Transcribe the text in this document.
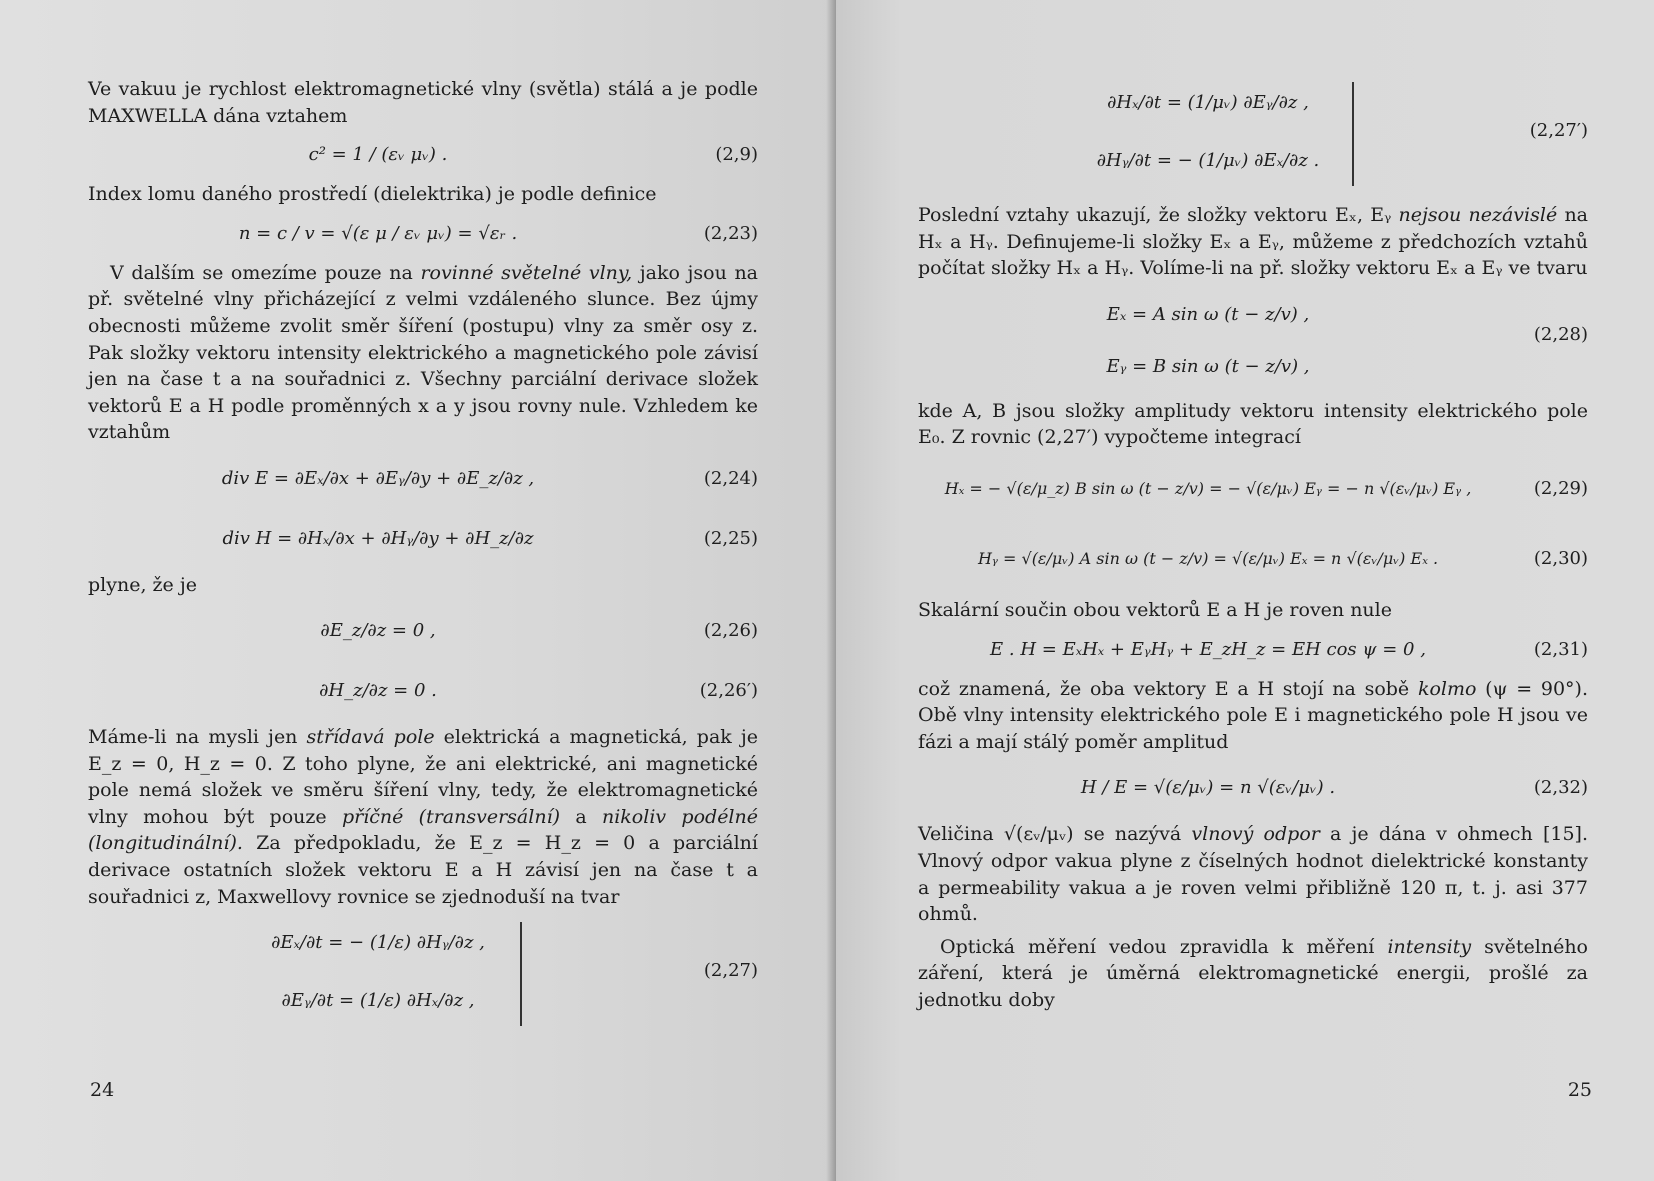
Ve vakuu je rychlost elektromagnetické vlny (světla) stálá a je podle MAXWELLA dána vztahem

c² = 1 / (εᵥ μᵥ) .	(2,9)

Index lomu daného prostředí (dielektrika) je podle definice

n = c / v = √(ε μ / εᵥ μᵥ) = √εᵣ .	(2,23)

V dalším se omezíme pouze na rovinné světelné vlny, jako jsou na př. světelné vlny přicházející z velmi vzdáleného slunce. Bez újmy obecnosti můžeme zvolit směr šíření (postupu) vlny za směr osy z. Pak složky vektoru intensity elektrického a magnetického pole závisí jen na čase t a na souřadnici z. Všechny parciální derivace složek vektorů E a H podle proměnných x a y jsou rovny nule. Vzhledem ke vztahům

div E = ∂Eₓ/∂x + ∂Eᵧ/∂y + ∂E_z/∂z ,	(2,24)
div H = ∂Hₓ/∂x + ∂Hᵧ/∂y + ∂H_z/∂z	(2,25)
plyne, že je
∂E_z/∂z = 0 ,	(2,26)
∂H_z/∂z = 0 .	(2,26′)

Máme-li na mysli jen střídavá pole elektrická a magnetická, pak je E_z = 0, H_z = 0. Z toho plyne, že ani elektrické, ani magnetické pole nemá složek ve směru šíření vlny, tedy, že elektromagnetické vlny mohou být pouze příčné (transversální) a nikoliv podélné (longitudinální). Za předpokladu, že E_z = H_z = 0 a parciální derivace ostatních složek vektoru E a H závisí jen na čase t a souřadnici z, Maxwellovy rovnice se zjednoduší na tvar

∂Eₓ/∂t = − (1/ε) ∂Hᵧ/∂z ,
∂Eᵧ/∂t = (1/ε) ∂Hₓ/∂z ,
(2,27)
24
∂Hₓ/∂t = (1/μᵥ) ∂Eᵧ/∂z ,
∂Hᵧ/∂t = − (1/μᵥ) ∂Eₓ/∂z .
(2,27′)

Poslední vztahy ukazují, že složky vektoru Eₓ, Eᵧ nejsou nezávislé na Hₓ a Hᵧ. Definujeme-li složky Eₓ a Eᵧ, můžeme z předchozích vztahů počítat složky Hₓ a Hᵧ. Volíme-li na př. složky vektoru Eₓ a Eᵧ ve tvaru

Eₓ = A sin ω (t − z/v) ,
Eᵧ = B sin ω (t − z/v) ,
(2,28)

kde A, B jsou složky amplitudy vektoru intensity elektrického pole E₀. Z rovnic (2,27′) vypočteme integrací

Hₓ = − √(ε/μ_z) B sin ω (t − z/v) = − √(ε/μᵥ) Eᵧ = − n √(εᵥ/μᵥ) Eᵧ ,	(2,29)
Hᵧ = √(ε/μᵥ) A sin ω (t − z/v) = √(ε/μᵥ) Eₓ = n √(εᵥ/μᵥ) Eₓ .	(2,30)

Skalární součin obou vektorů E a H je roven nule

E . H = EₓHₓ + EᵧHᵧ + E_zH_z = EH cos ψ = 0 ,	(2,31)

což znamená, že oba vektory E a H stojí na sobě kolmo (ψ = 90°). Obě vlny intensity elektrického pole E i magnetického pole H jsou ve fázi a mají stálý poměr amplitud

H / E = √(ε/μᵥ) = n √(εᵥ/μᵥ) .	(2,32)

Veličina √(εᵥ/μᵥ) se nazývá vlnový odpor a je dána v ohmech [15]. Vlnový odpor vakua plyne z číselných hodnot dielektrické konstanty a permeability vakua a je roven velmi přibližně 120 π, t. j. asi 377 ohmů.

Optická měření vedou zpravidla k měření intensity světelného záření, která je úměrná elektromagnetické energii, prošlé za jednotku doby

25
